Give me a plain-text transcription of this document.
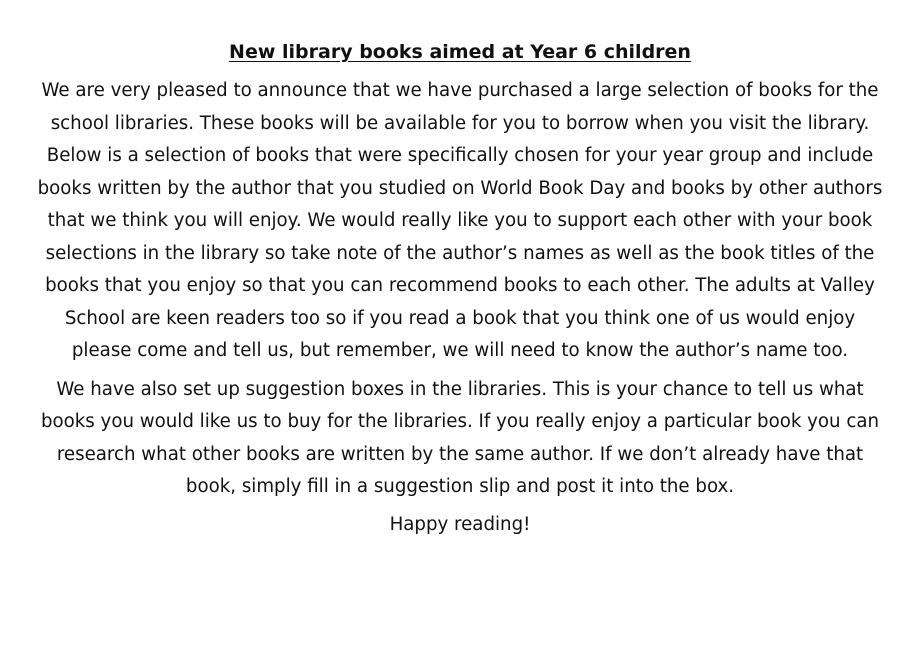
New library books aimed at Year 6 children

We are very pleased to announce that we have purchased a large selection of books for the school libraries. These books will be available for you to borrow when you visit the library. Below is a selection of books that were specifically chosen for your year group and include books written by the author that you studied on World Book Day and books by other authors that we think you will enjoy. We would really like you to support each other with your book selections in the library so take note of the author’s names as well as the book titles of the books that you enjoy so that you can recommend books to each other. The adults at Valley School are keen readers too so if you read a book that you think one of us would enjoy please come and tell us, but remember, we will need to know the author’s name too.

We have also set up suggestion boxes in the libraries. This is your chance to tell us what books you would like us to buy for the libraries. If you really enjoy a particular book you can research what other books are written by the same author. If we don’t already have that book, simply fill in a suggestion slip and post it into the box.

Happy reading!
